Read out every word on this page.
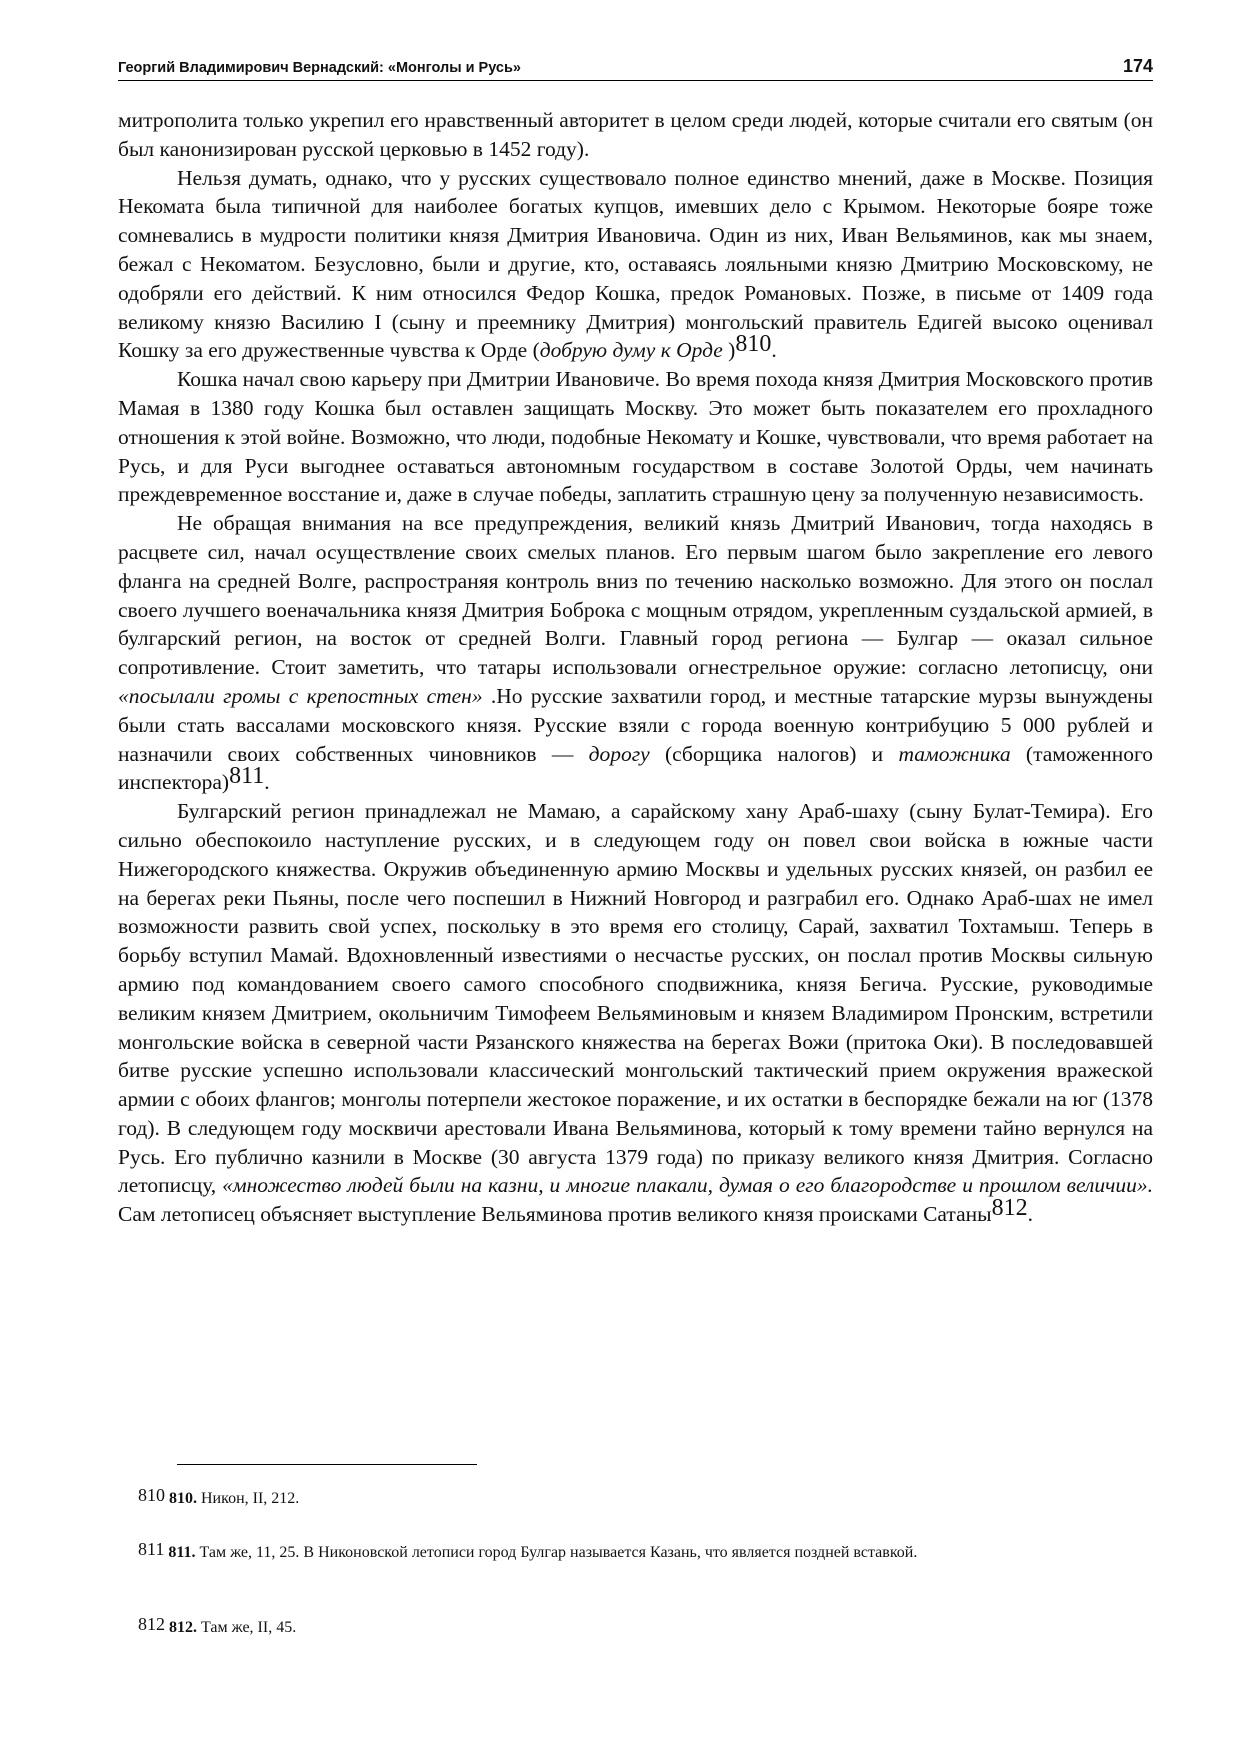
Георгий Владимирович Вернадский: «Монголы и Русь»	174

митрополита только укрепил его нравственный авторитет в целом среди людей, которые считали его святым (он был канонизирован русской церковью в 1452 году).

Нельзя думать, однако, что у русских существовало полное единство мнений, даже в Москве. Позиция Некомата была типичной для наиболее богатых купцов, имевших дело с Крымом. Некоторые бояре тоже сомневались в мудрости политики князя Дмитрия Ивановича. Один из них, Иван Вельяминов, как мы знаем, бежал с Некоматом. Безусловно, были и другие, кто, оставаясь лояльными князю Дмитрию Московскому, не одобряли его действий. К ним относился Федор Кошка, предок Романовых. Позже, в письме от 1409 года великому князю Василию I (сыну и преемнику Дмитрия) монгольский правитель Едигей высоко оценивал Кошку за его дружественные чувства к Орде (добрую думу к Орде )$^{810}$.

Кошка начал свою карьеру при Дмитрии Ивановиче. Во время похода князя Дмитрия Московского против Мамая в 1380 году Кошка был оставлен защищать Москву. Это может быть показателем его прохладного отношения к этой войне. Возможно, что люди, подобные Некомату и Кошке, чувствовали, что время работает на Русь, и для Руси выгоднее оставаться автономным государством в составе Золотой Орды, чем начинать преждевременное восстание и, даже в случае победы, заплатить страшную цену за полученную независимость.

Не обращая внимания на все предупреждения, великий князь Дмитрий Иванович, тогда находясь в расцвете сил, начал осуществление своих смелых планов. Его первым шагом было закрепление его левого фланга на средней Волге, распространяя контроль вниз по течению насколько возможно. Для этого он послал своего лучшего военачальника князя Дмитрия Боброка с мощным отрядом, укрепленным суздальской армией, в булгарский регион, на восток от средней Волги. Главный город региона — Булгар — оказал сильное сопротивление. Стоит заметить, что татары использовали огнестрельное оружие: согласно летописцу, они «посылали громы с крепостных стен» .Но русские захватили город, и местные татарские мурзы вынуждены были стать вассалами московского князя. Русские взяли с города военную контрибуцию 5 000 рублей и назначили своих собственных чиновников — дорогу (сборщика налогов) и таможника (таможенного инспектора)$^{811}$.

Булгарский регион принадлежал не Мамаю, а сарайскому хану Араб-шаху (сыну Булат-Темира). Его сильно обеспокоило наступление русских, и в следующем году он повел свои войска в южные части Нижегородского княжества. Окружив объединенную армию Москвы и удельных русских князей, он разбил ее на берегах реки Пьяны, после чего поспешил в Нижний Новгород и разграбил его. Однако Араб-шах не имел возможности развить свой успех, поскольку в это время его столицу, Сарай, захватил Тохтамыш. Теперь в борьбу вступил Мамай. Вдохновленный известиями о несчастье русских, он послал против Москвы сильную армию под командованием своего самого способного сподвижника, князя Бегича. Русские, руководимые великим князем Дмитрием, окольничим Тимофеем Вельяминовым и князем Владимиром Пронским, встретили монгольские войска в северной части Рязанского княжества на берегах Вожи (притока Оки). В последовавшей битве русские успешно использовали классический монгольский тактический прием окружения вражеской армии с обоих флангов; монголы потерпели жестокое поражение, и их остатки в беспорядке бежали на юг (1378 год). В следующем году москвичи арестовали Ивана Вельяминова, который к тому времени тайно вернулся на Русь. Его публично казнили в Москве (30 августа 1379 года) по приказу великого князя Дмитрия. Согласно летописцу, «множество людей были на казни, и многие плакали, думая о его благородстве и прошлом величии». Сам летописец объясняет выступление Вельяминова против великого князя происками Сатаны$^{812}$.

810 810. Никон, II, 212.
811 811. Там же, 11, 25. В Никоновской летописи город Булгар называется Казань, что является поздней вставкой.
812 812. Там же, II, 45.
